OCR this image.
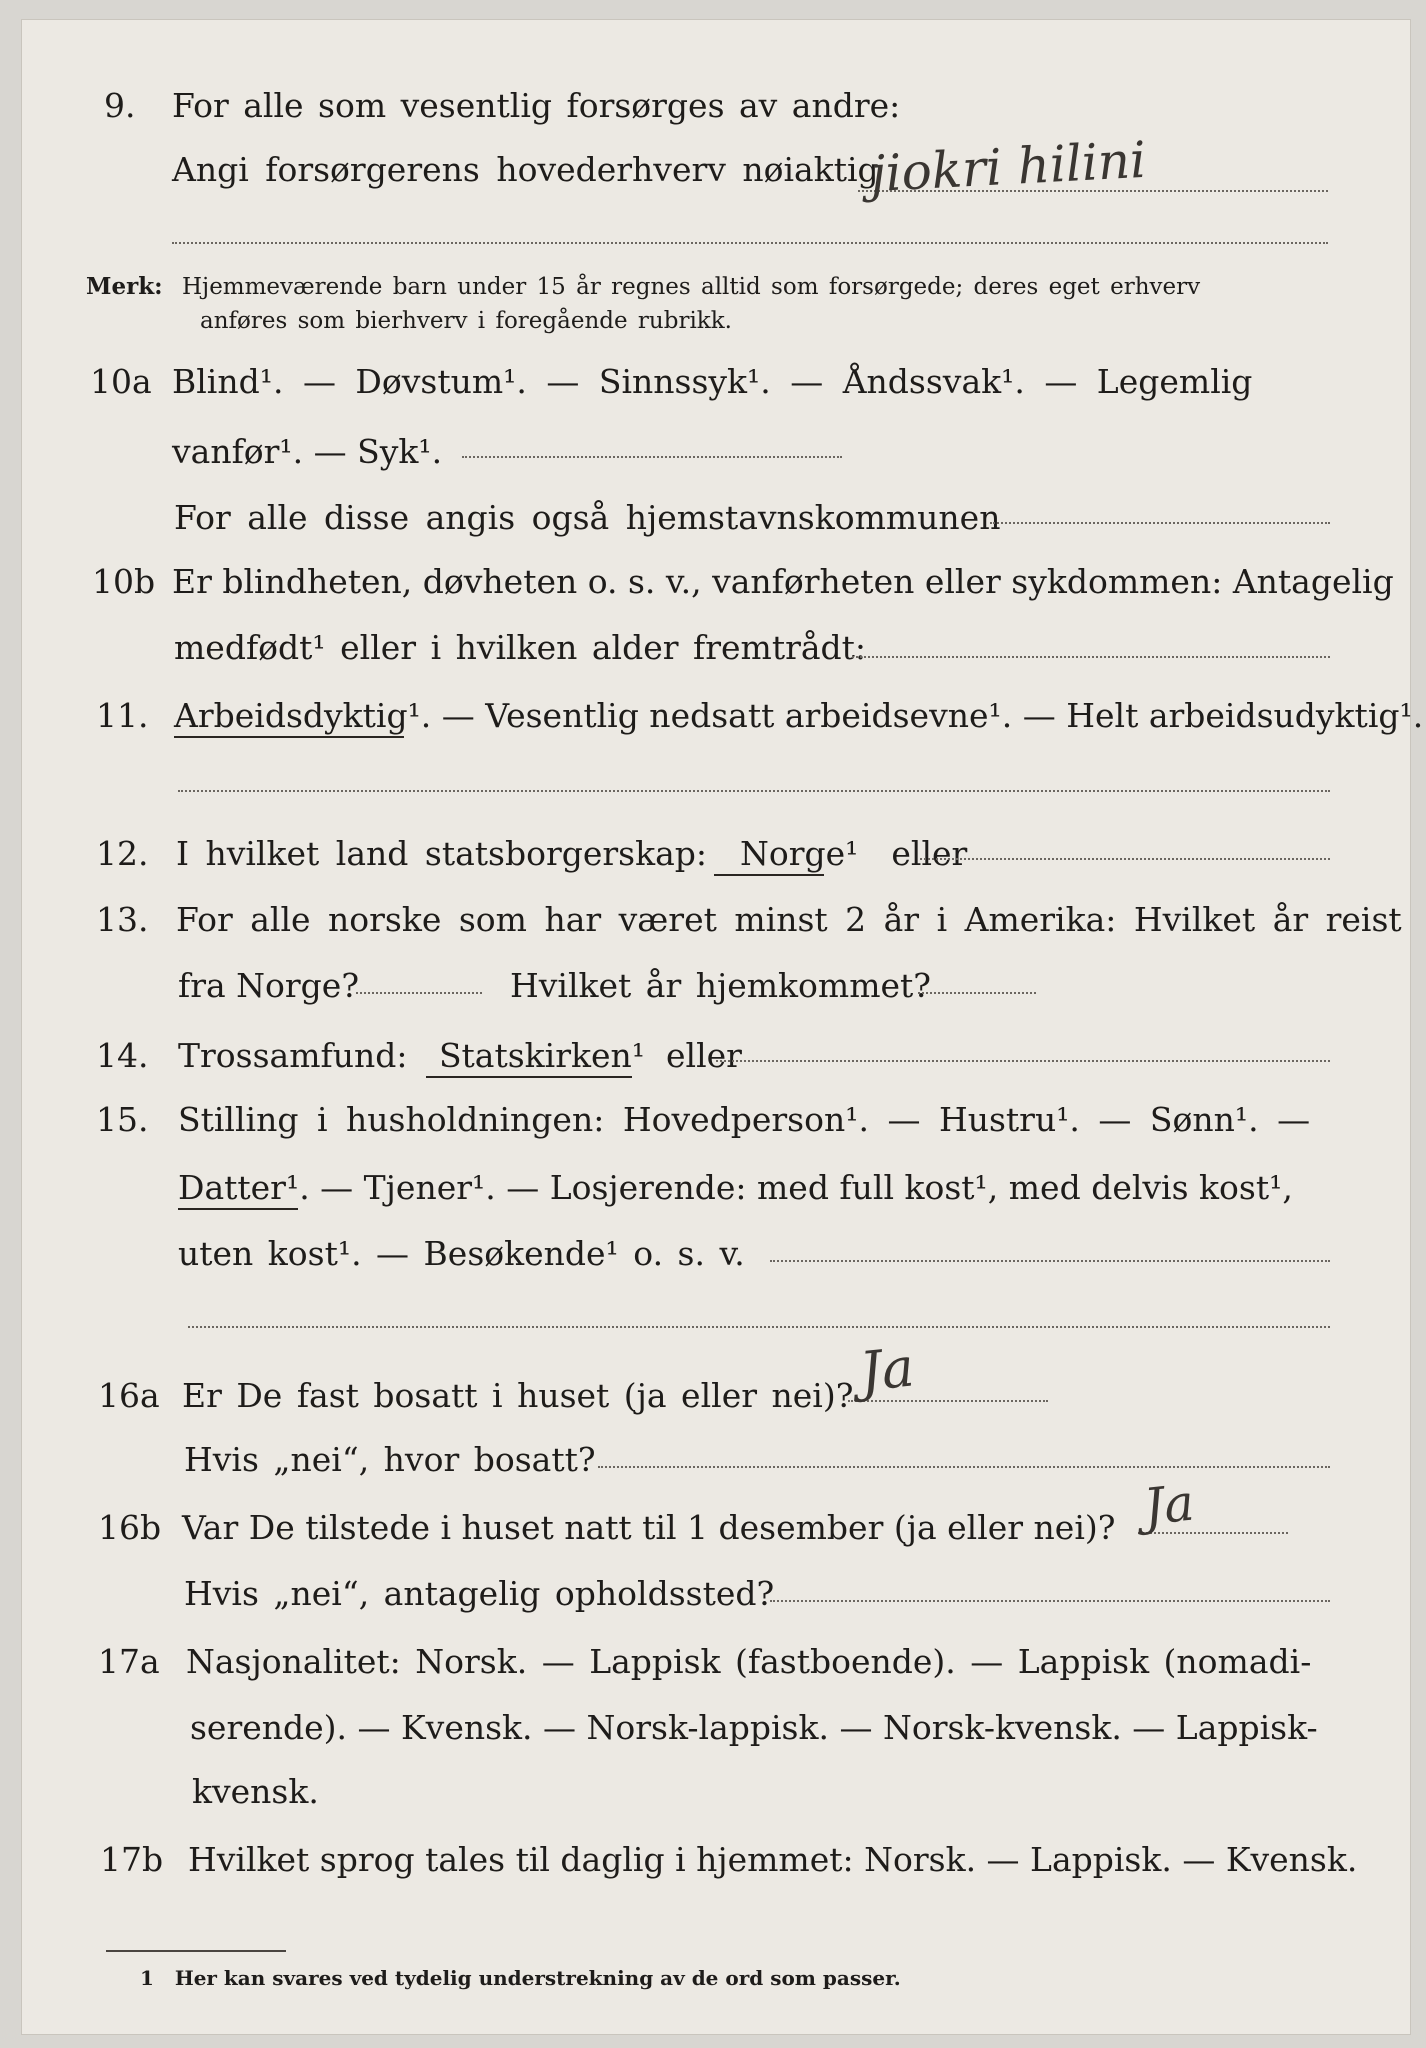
9. For alle som vesentlig forsørges av andre:
Angi forsørgerens hovederhverv nøiaktig
jiokri hilini
Merk: Hjemmeværende barn under 15 år regnes alltid som forsørgede; deres eget erhverv
anføres som bierhverv i foregående rubrikk.
10a Blind¹. — Døvstum¹. — Sinnssyk¹. — Åndssvak¹. — Legemlig
vanfør¹. — Syk¹.
For alle disse angis også hjemstavnskommunen
10b Er blindheten, døvheten o. s. v., vanførheten eller sykdommen: Antagelig
medfødt¹ eller i hvilken alder fremtrådt:
11. Arbeidsdyktig¹. — Vesentlig nedsatt arbeidsevne¹. — Helt arbeidsudyktig¹.
12. I hvilket land statsborgerskap: Norge¹ eller
13. For alle norske som har været minst 2 år i Amerika: Hvilket år reist
fra Norge?	Hvilket år hjemkommet?
14. Trossamfund: Statskirken¹ eller
15. Stilling i husholdningen: Hovedperson¹. — Hustru¹. — Sønn¹. —
Datter¹. — Tjener¹. — Losjerende: med full kost¹, med delvis kost¹,
uten kost¹. — Besøkende¹ o. s. v.
16a Er De fast bosatt i huset (ja eller nei)? Ja
Hvis „nei“, hvor bosatt?
16b Var De tilstede i huset natt til 1 desember (ja eller nei)? Ja
Hvis „nei“, antagelig opholdssted?
17a Nasjonalitet: Norsk. — Lappisk (fastboende). — Lappisk (nomadi-
serende). — Kvensk. — Norsk-lappisk. — Norsk-kvensk. — Lappisk-
kvensk.
17b Hvilket sprog tales til daglig i hjemmet: Norsk. — Lappisk. — Kvensk.
1 Her kan svares ved tydelig understrekning av de ord som passer.
